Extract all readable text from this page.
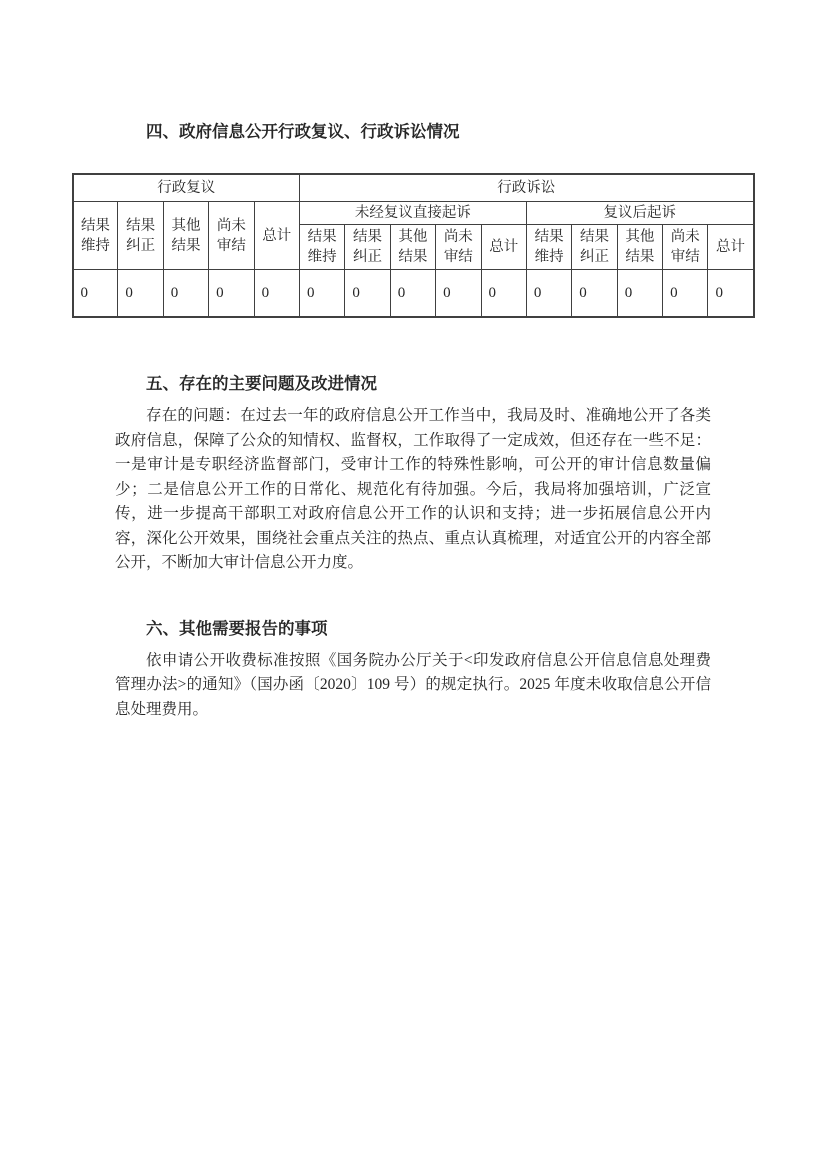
四、政府信息公开行政复议、行政诉讼情况
行政复议					行政诉讼									
结果维持	结果纠正	其他结果	尚未审结	总计	未经复议直接起诉					复议后起诉				
					结果维持	结果纠正	其他结果	尚未审结	总计	结果维持	结果纠正	其他结果	尚未审结	总计
0	0	0	0	0	0	0	0	0	0	0	0	0	0	0
五、存在的主要问题及改进情况

存在的问题：在过去一年的政府信息公开工作当中，我局及时、准确地公开了各类政府信息，保障了公众的知情权、监督权，工作取得了一定成效，但还存在一些不足：一是审计是专职经济监督部门，受审计工作的特殊性影响，可公开的审计信息数量偏少；二是信息公开工作的日常化、规范化有待加强。今后，我局将加强培训，广泛宣传，进一步提高干部职工对政府信息公开工作的认识和支持；进一步拓展信息公开内容，深化公开效果，围绕社会重点关注的热点、重点认真梳理，对适宜公开的内容全部公开，不断加大审计信息公开力度。

六、其他需要报告的事项

依申请公开收费标准按照《国务院办公厅关于<印发政府信息公开信息信息处理费管理办法>的通知》（国办函〔2020〕109 号）的规定执行。2025 年度未收取信息公开信息处理费用。
